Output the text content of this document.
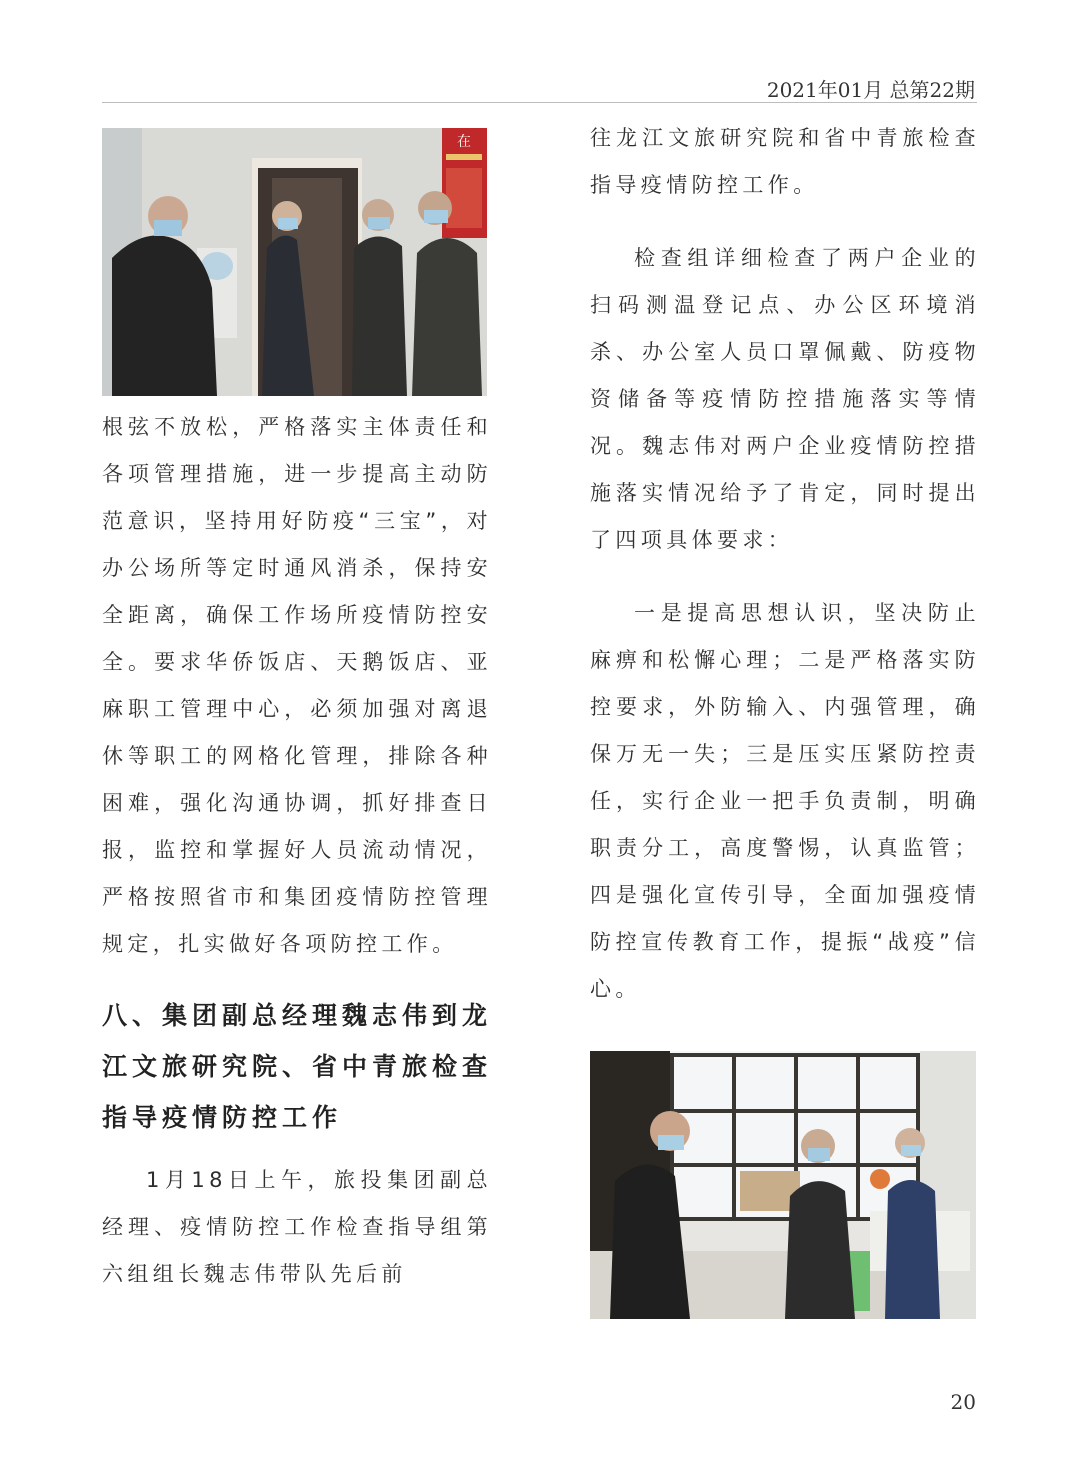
2021年01月 总第22期
在

根弦不放松，严格落实主体责任和各项管理措施，进一步提高主动防范意识，坚持用好防疫“三宝”，对办公场所等定时通风消杀，保持安全距离，确保工作场所疫情防控安全。要求华侨饭店、天鹅饭店、亚麻职工管理中心，必须加强对离退休等职工的网格化管理，排除各种困难，强化沟通协调，抓好排查日报，监控和掌握好人员流动情况，严格按照省市和集团疫情防控管理规定，扎实做好各项防控工作。

八、集团副总经理魏志伟到龙江文旅研究院、省中青旅检查指导疫情防控工作

1月18日上午，旅投集团副总经理、疫情防控工作检查指导组第六组组长魏志伟带队先后前

往龙江文旅研究院和省中青旅检查指导疫情防控工作。

检查组详细检查了两户企业的扫码测温登记点、办公区环境消杀、办公室人员口罩佩戴、防疫物资储备等疫情防控措施落实等情况。魏志伟对两户企业疫情防控措施落实情况给予了肯定，同时提出了四项具体要求：

一是提高思想认识，坚决防止麻痹和松懈心理；二是严格落实防控要求，外防输入、内强管理，确保万无一失；三是压实压紧防控责任，实行企业一把手负责制，明确职责分工，高度警惕，认真监管；四是强化宣传引导，全面加强疫情防控宣传教育工作，提振“战疫”信心。

20
